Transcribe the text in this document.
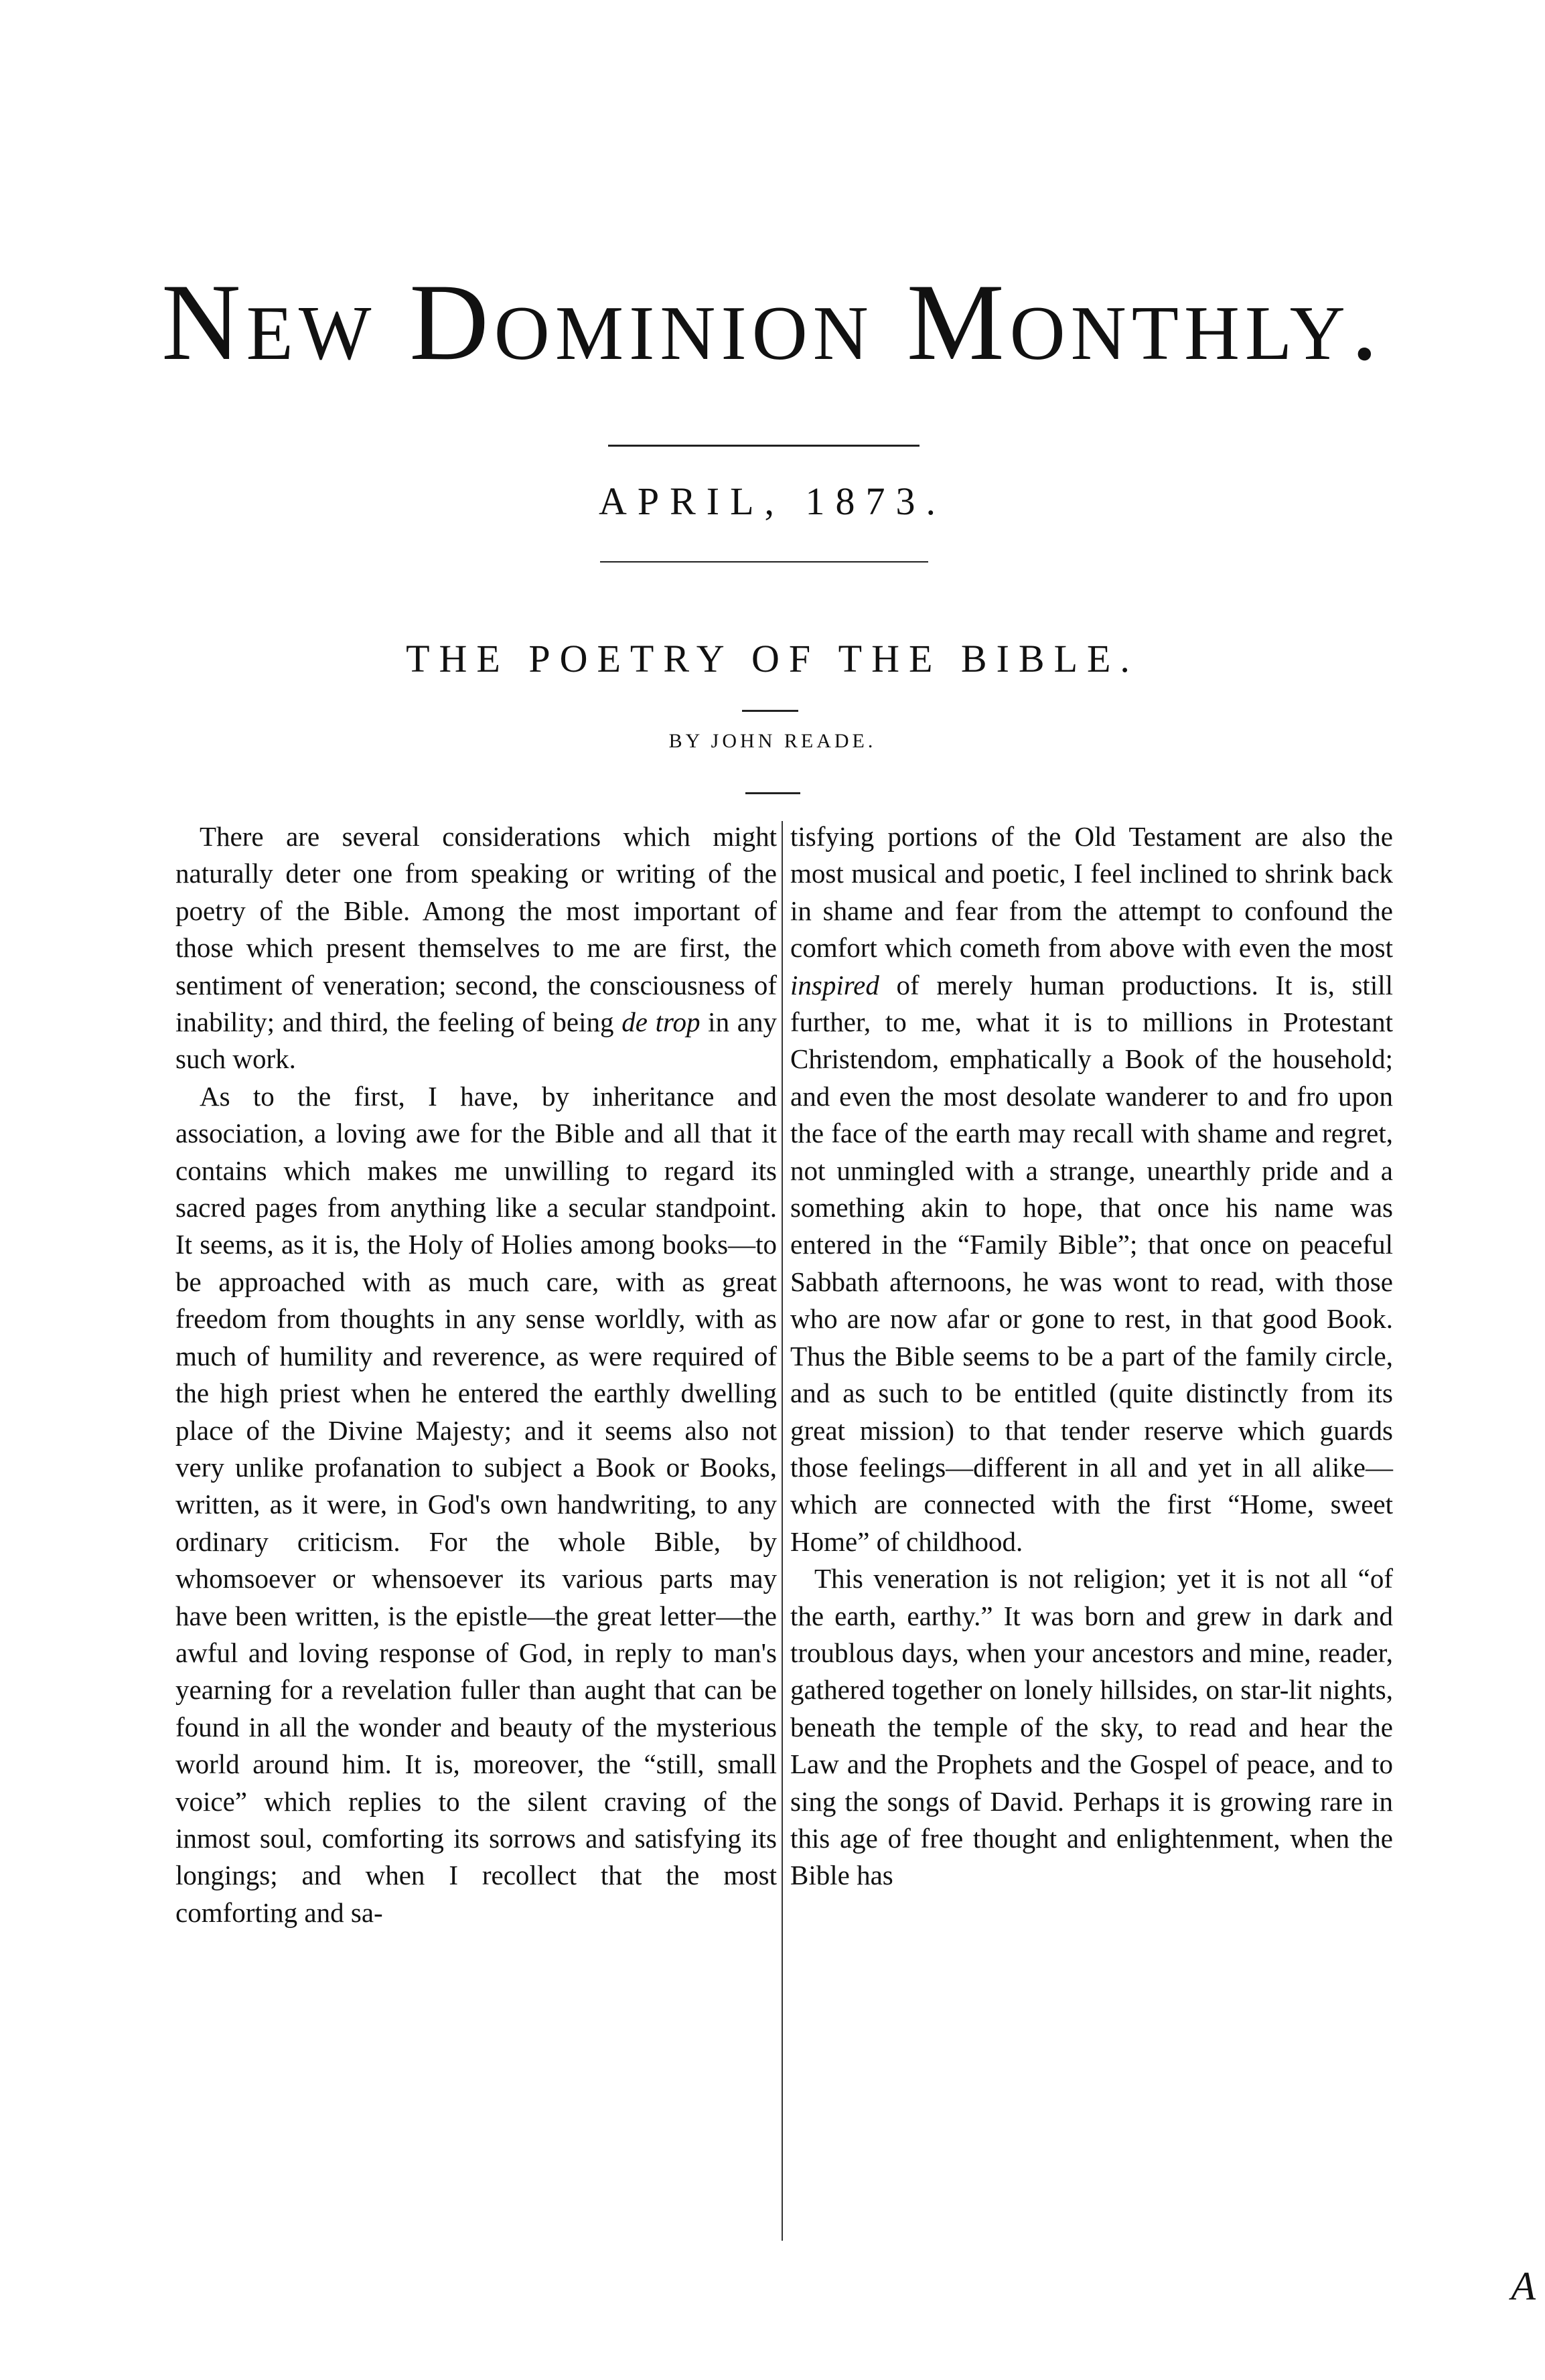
New Dominion Monthly.
APRIL, 1873.
THE POETRY OF THE BIBLE.
BY JOHN READE.

There are several considerations which might naturally deter one from speaking or writing of the poetry of the Bible. Among the most important of those which present themselves to me are first, the sentiment of veneration; second, the consciousness of inability; and third, the feeling of being de trop in any such work.

As to the first, I have, by inheritance and association, a loving awe for the Bible and all that it contains which makes me unwilling to regard its sacred pages from anything like a secular standpoint. It seems, as it is, the Holy of Holies among books—to be approached with as much care, with as great freedom from thoughts in any sense worldly, with as much of humility and reverence, as were required of the high priest when he entered the earthly dwelling place of the Divine Majesty; and it seems also not very unlike profanation to subject a Book or Books, written, as it were, in God's own handwriting, to any ordinary criticism. For the whole Bible, by whomsoever or whensoever its various parts may have been written, is the epistle—the great letter—the awful and loving response of God, in reply to man's yearning for a revelation fuller than aught that can be found in all the wonder and beauty of the mysterious world around him. It is, moreover, the “still, small voice” which replies to the silent craving of the inmost soul, comforting its sorrows and satisfying its longings; and when I recollect that the most comforting and sa-

tisfying portions of the Old Testament are also the most musical and poetic, I feel inclined to shrink back in shame and fear from the attempt to confound the comfort which cometh from above with even the most inspired of merely human productions. It is, still further, to me, what it is to millions in Protestant Christendom, emphatically a Book of the household; and even the most desolate wanderer to and fro upon the face of the earth may recall with shame and regret, not unmingled with a strange, unearthly pride and a something akin to hope, that once his name was entered in the “Family Bible”; that once on peaceful Sabbath afternoons, he was wont to read, with those who are now afar or gone to rest, in that good Book. Thus the Bible seems to be a part of the family circle, and as such to be entitled (quite distinctly from its great mission) to that tender reserve which guards those feelings—different in all and yet in all alike—which are connected with the first “Home, sweet Home” of childhood.

This veneration is not religion; yet it is not all “of the earth, earthy.” It was born and grew in dark and troublous days, when your ancestors and mine, reader, gathered together on lonely hillsides, on star-lit nights, beneath the temple of the sky, to read and hear the Law and the Prophets and the Gospel of peace, and to sing the songs of David. Perhaps it is growing rare in this age of free thought and enlightenment, when the Bible has

A
